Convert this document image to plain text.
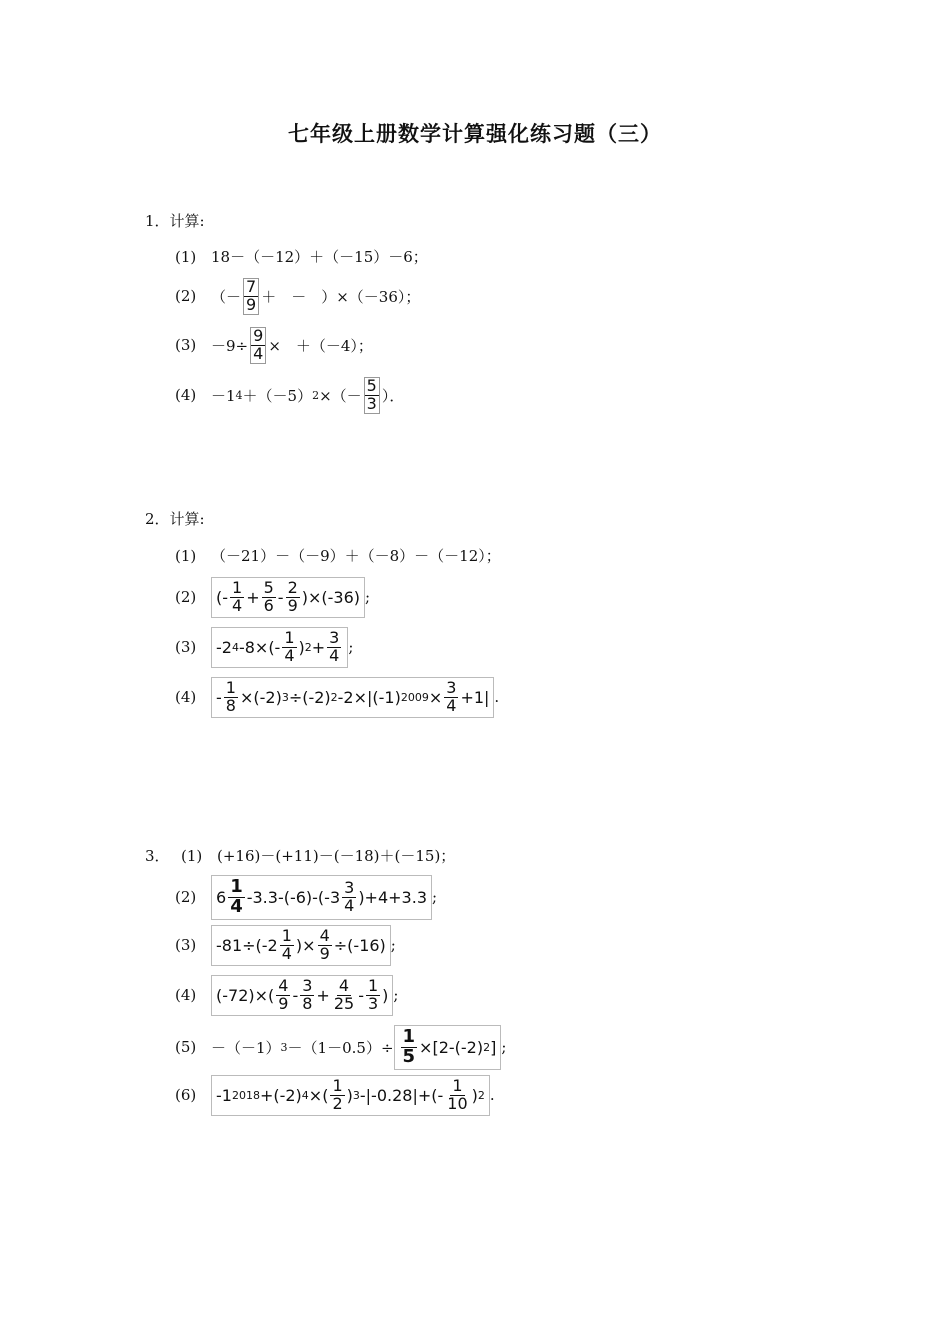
七年级上册数学计算强化练习题（三）
1．计算:
(1) 18－（－12）＋（－15）－6；
(2) （－ $\frac{7}{9}$ ＋　－　）×（－36）；
$(3) -9\div \frac{9}{4}$ ×　＋（－4）；
(4) －1 4 ＋（－5） 2 ×（－ $\frac{5}{3}$ ）．
2．计算:
(1) （－21）－（－9）＋（－8）－（－12）；
(2)	(- $\frac{1}{4} + \frac{5}{6} - \frac{2}{9} )\times(-36)$ ;
(3)	-2 4 $-8\times(- \frac{1}{4}$ ) $2 + \frac{3}{4}$ ;
(4)	- $\frac{1}{8} \times(-2)$ 3 ÷(-2) 2 -2×|(-1) $2009 \times \frac{3}{4} +1|$ .
3． (1) (+16)－(+11)－(－18)＋(－15)；
(2)	$6 \frac{1}{4} -3.3-(-6)-(-3 \frac{3}{4} )+4+3.3$ ;
(3)	$-81\div(-2 \frac{1}{4}$ )× $\frac{4}{9} \div(-16)$ ;
(4)	$(-72)\times( \frac{4}{9} - \frac{3}{8} + \frac{4}{25} - \frac{1}{3}$ ) ;
(5) －（－1） $3 -(1-0.5)\div \frac{1}{5} \times[2-(-2)$ 2 ] ;
(6)	-1 2018 +(-2) 4 ×( $\frac{1}{2}$ ) 3 $-|-0.28|+(- \frac{1}{10}$ ) 2 .
